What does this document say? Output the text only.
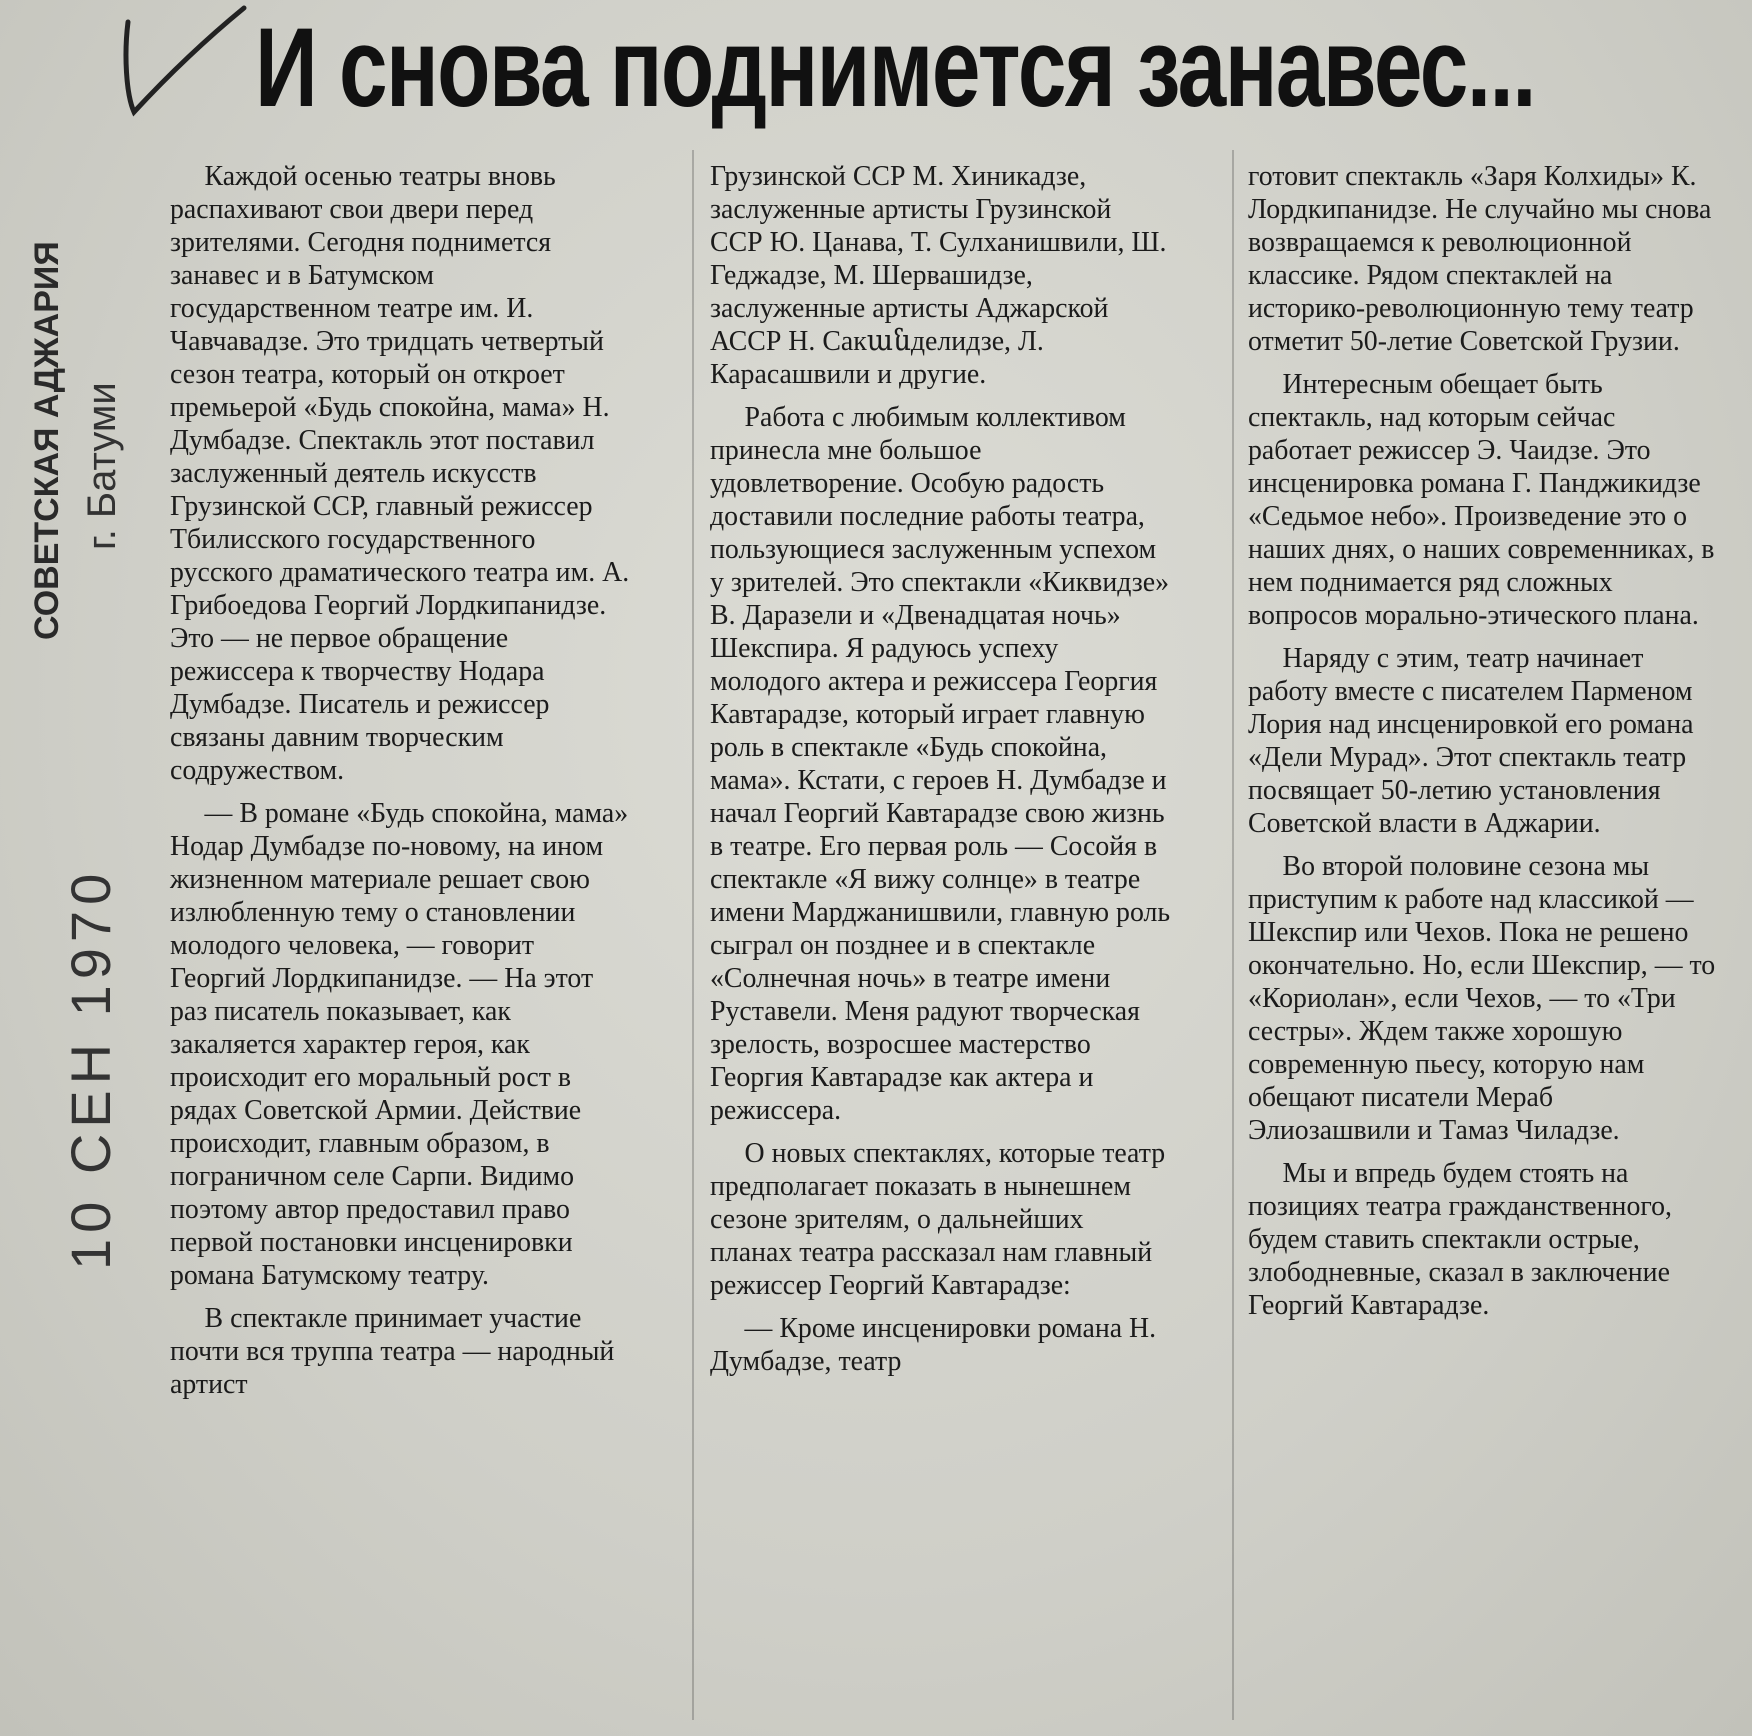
И снова поднимется занавес...
СОВЕТСКАЯ АДЖАРИЯ г. Батуми
10 СЕН 1970

Каждой осенью театры вновь распахивают свои двери перед зрителями. Сегодня поднимется занавес и в Батумском государственном театре им. И. Чавчавадзе. Это тридцать четвертый сезон театра, который он откроет премьерой «Будь спокойна, мама» Н. Думбадзе. Спектакль этот поставил заслуженный деятель искусств Грузинской ССР, главный режиссер Тбилисского государственного русского драматического театра им. А. Грибоедова Георгий Лордкипанидзе. Это — не первое обращение режиссера к творчеству Нодара Думбадзе. Писатель и режиссер связаны давним творческим содружеством.

— В романе «Будь спокойна, мама» Нодар Думбадзе по-новому, на ином жизненном материале решает свою излюбленную тему о становлении молодого человека, — говорит Георгий Лордкипанидзе. — На этот раз писатель показывает, как закаляется характер героя, как происходит его моральный рост в рядах Советской Армии. Действие происходит, главным образом, в пограничном селе Сарпи. Видимо поэтому автор предоставил право первой постановки инсценировки романа Батумскому театру.

В спектакле принимает участие почти вся труппа театра — народный артист

Грузинской ССР М. Хиникадзе, заслуженные артисты Грузинской ССР Ю. Цанава, Т. Сулханишвили, Ш. Геджадзе, М. Шервашидзе, заслуженные артисты Аджарской АССР Н. Сакանделидзе, Л. Карасашвили и другие.

Работа с любимым коллективом принесла мне большое удовлетворение. Особую радость доставили последние работы театра, пользующиеся заслуженным успехом у зрителей. Это спектакли «Киквидзе» В. Даразели и «Двенадцатая ночь» Шекспира. Я радуюсь успеху молодого актера и режиссера Георгия Кавтарадзе, который играет главную роль в спектакле «Будь спокойна, мама». Кстати, с героев Н. Думбадзе и начал Георгий Кавтарадзе свою жизнь в театре. Его первая роль — Сосойя в спектакле «Я вижу солнце» в театре имени Марджанишвили, главную роль сыграл он позднее и в спектакле «Солнечная ночь» в театре имени Руставели. Меня радуют творческая зрелость, возросшее мастерство Георгия Кавтарадзе как актера и режиссера.

О новых спектаклях, которые театр предполагает показать в нынешнем сезоне зрителям, о дальнейших планах театра рассказал нам главный режиссер Георгий Кавтарадзе:

— Кроме инсценировки романа Н. Думбадзе, театр

готовит спектакль «Заря Колхиды» К. Лордкипанидзе. Не случайно мы снова возвращаемся к революционной классике. Рядом спектаклей на историко-революционную тему театр отметит 50-летие Советской Грузии.

Интересным обещает быть спектакль, над которым сейчас работает режиссер Э. Чаидзе. Это инсценировка романа Г. Панджикидзе «Седьмое небо». Произведение это о наших днях, о наших современниках, в нем поднимается ряд сложных вопросов морально-этического плана.

Наряду с этим, театр начинает работу вместе с писателем Парменом Лория над инсценировкой его романа «Дели Мурад». Этот спектакль театр посвящает 50-летию установления Советской власти в Аджарии.

Во второй половине сезона мы приступим к работе над классикой — Шекспир или Чехов. Пока не решено окончательно. Но, если Шекспир, — то «Кориолан», если Чехов, — то «Три сестры». Ждем также хорошую современную пьесу, которую нам обещают писатели Мераб Элиозашвили и Тамаз Чиладзе.

Мы и впредь будем стоять на позициях театра гражданственного, будем ставить спектакли острые, злободневные, сказал в заключение Георгий Кавтарадзе.
